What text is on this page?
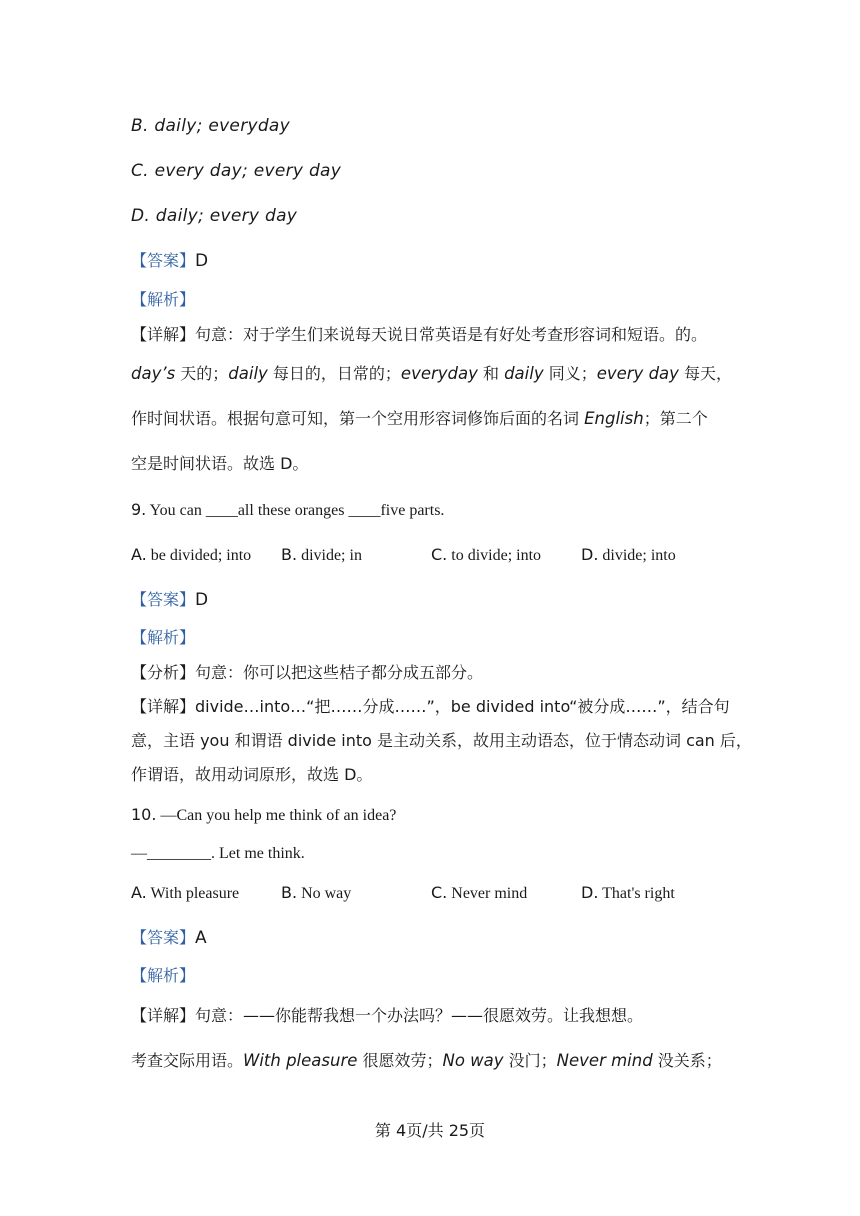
B. daily; everyday
C. every day; every day
D. daily; every day
【答案】D
【解析】
【详解】句意：对于学生们来说每天说日常英语是有好处考查形容词和短语。的。
day’s 天的；daily 每日的，日常的；everyday 和 daily 同义；every day 每天，
作时间状语。根据句意可知，第一个空用形容词修饰后面的名词 English；第二个
空是时间状语。故选 D。
9. You can ____all these oranges ____five parts.
A. be divided; into B. divide; in	C. to divide; into D. divide; into
【答案】D
【解析】
【分析】句意：你可以把这些桔子都分成五部分。
【详解】divide…into…“把……分成……”，be divided into“被分成……”，结合句
意，主语 you 和谓语 divide into 是主动关系，故用主动语态，位于情态动词 can 后，
作谓语，故用动词原形，故选 D。
10. —Can you help me think of an idea?
—________. Let me think.
A. With pleasure	B. No way	C. Never mind	D. That's right
【答案】A
【解析】
【详解】句意：——你能帮我想一个办法吗？——很愿效劳。让我想想。
考查交际用语。With pleasure 很愿效劳；No way 没门；Never mind 没关系；
第 4页/共 25页
